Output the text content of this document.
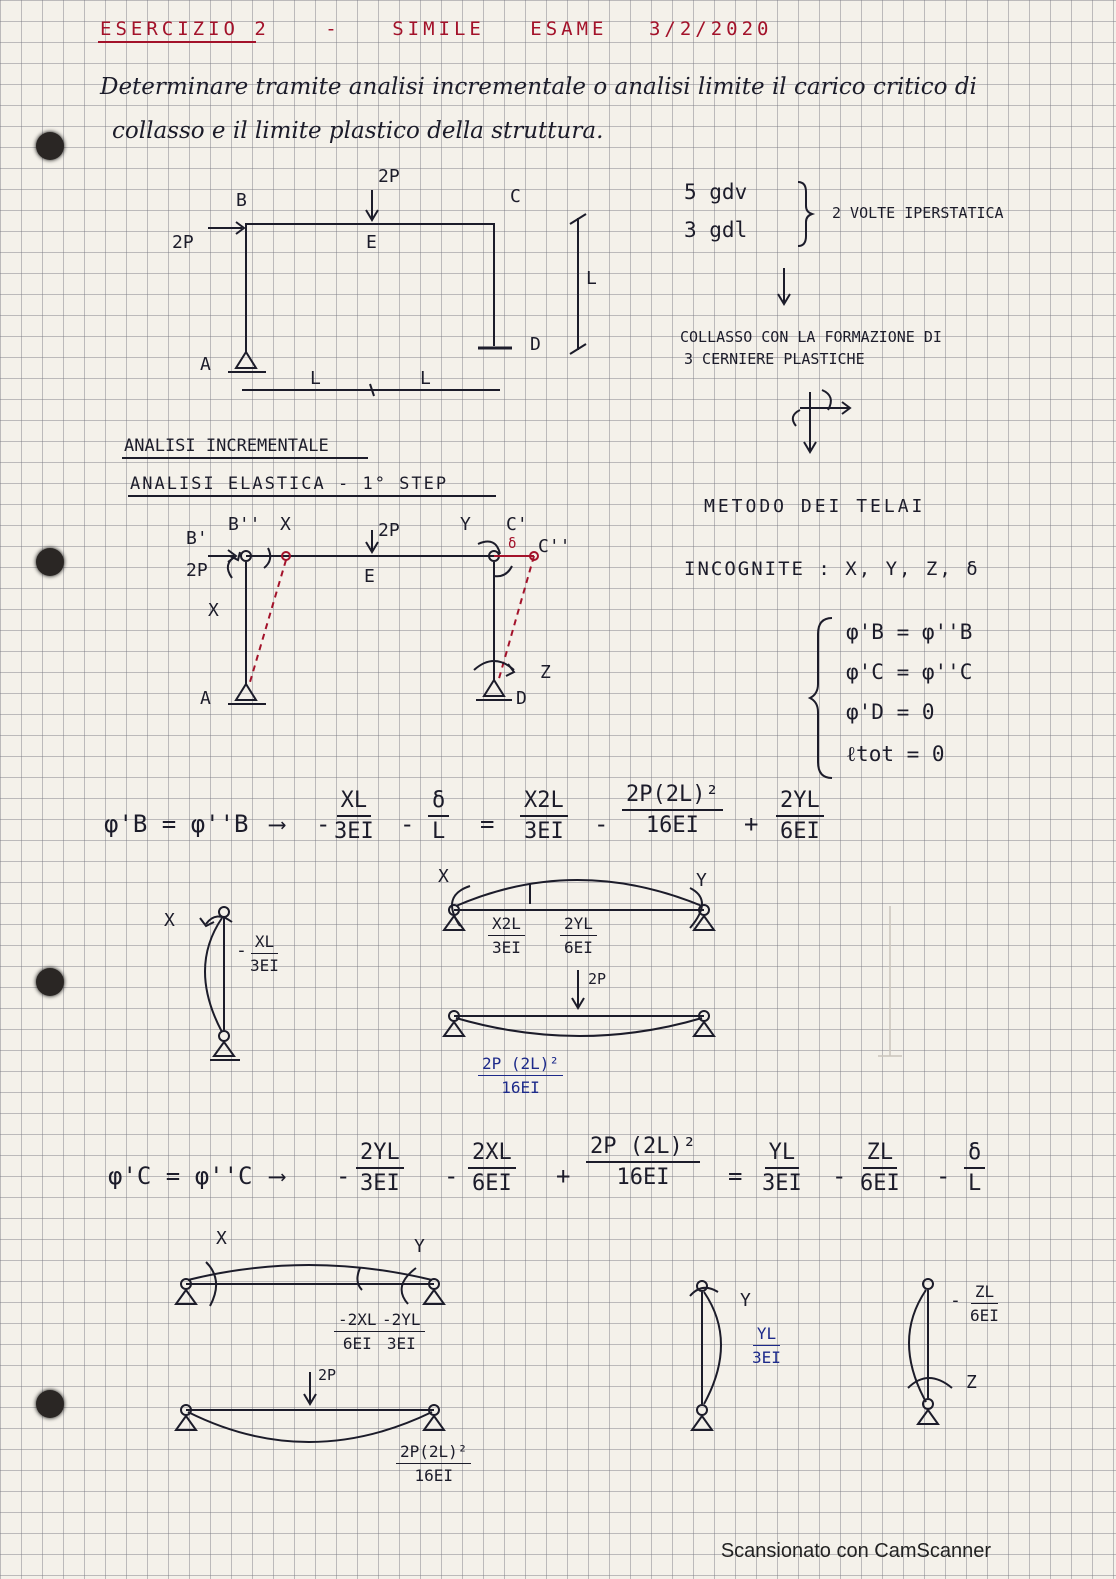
ESERCIZIO 2	-	SIMILE ESAME 3/2/2020
Determinare tramite analisi incrementale o analisi limite il carico critico di
collasso e il limite plastico della struttura.
B	C
2P
2P	E
A
D
L
L	L
5 gdv
3 gdl
2 VOLTE IPERSTATICA
COLLASSO CON LA FORMAZIONE DI
3 CERNIERE PLASTICHE
METODO DEI TELAI
INCOGNITE : X, Y, Z, δ
φ'B = φ''B
φ'C = φ''C
φ'D = 0
ℓtot = 0
ANALISI INCREMENTALE
ANALISI ELASTICA - 1° STEP
B'
B'' X	2P	Y C'
δ C''
2P	E
X
A	D
Z
φ'B = φ''B ⟶ - $\frac{XL}{3EI} - \frac{\delta}{L} = \frac{X2L}{3EI} - \frac{\text{2P(2L)²}}{16EI} + \frac{2YL}{6EI}$
X
- $\frac{XL}{3EI}$
X	Y
$\frac{X2L}{3EI} \frac{2YL}{6EI}$
2P
$\frac{\text{2P (2L)²}}{16EI}$
φ'C = φ''C ⟶ - $\frac{2YL}{3EI} - \frac{2XL}{6EI} + \frac{\text{2P (2L)²}}{16EI} = \frac{YL}{3EI} - \frac{ZL}{6EI} - \frac{\delta}{L}$
X	Y
$\frac{-2XL}{6EI}$
$\frac{-2YL}{3EI}$
2P
$\frac{\text{2P(2L)²}}{16EI}$
Y
$\frac{YL}{3EI}$
- $\frac{ZL}{6EI}$
Z
Scansionato con CamScanner
